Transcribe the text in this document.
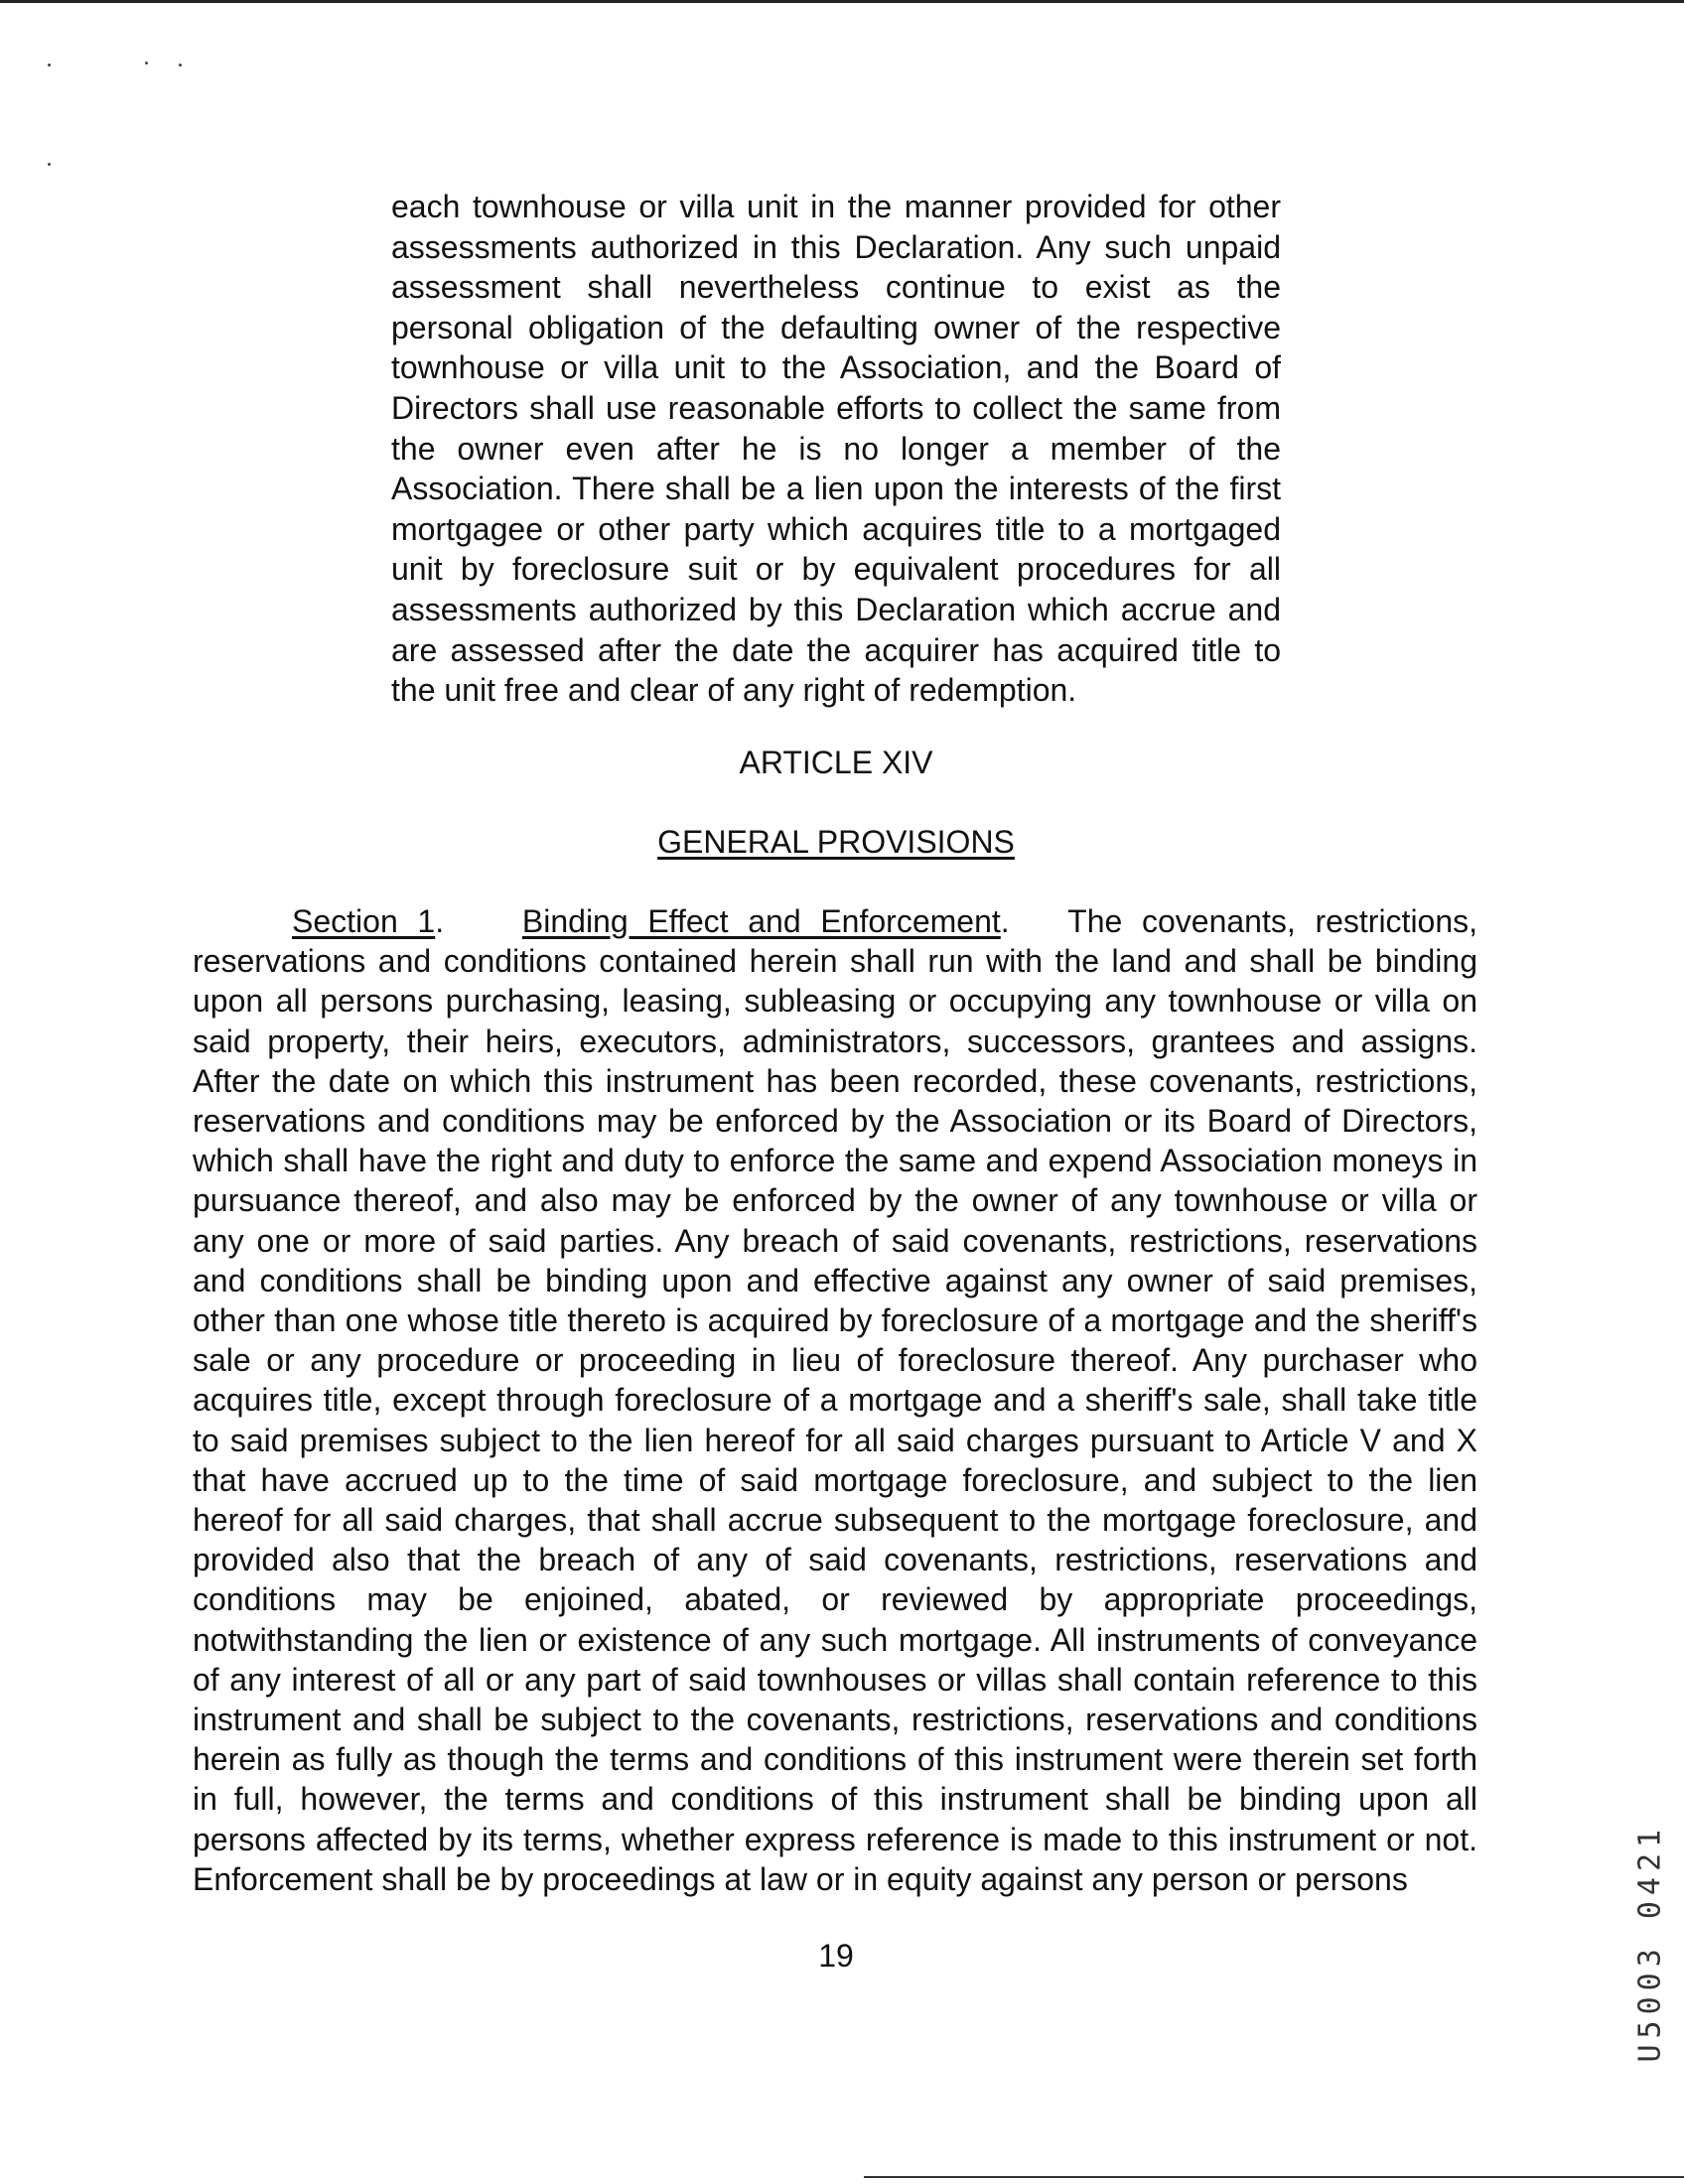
each townhouse or villa unit in the manner provided for other assessments authorized in this Declaration. Any such unpaid assessment shall nevertheless continue to exist as the personal obligation of the defaulting owner of the respective townhouse or villa unit to the Association, and the Board of Directors shall use reasonable efforts to collect the same from the owner even after he is no longer a member of the Association. There shall be a lien upon the interests of the first mortgagee or other party which acquires title to a mortgaged unit by foreclosure suit or by equivalent procedures for all assessments authorized by this Declaration which accrue and are assessed after the date the acquirer has acquired title to the unit free and clear of any right of redemption.

ARTICLE XIV

GENERAL PROVISIONS

Section 1.    Binding Effect and Enforcement.   The covenants, restrictions, reservations and conditions contained herein shall run with the land and shall be binding upon all persons purchasing, leasing, subleasing or occupying any townhouse or villa on said property, their heirs, executors, administrators, successors, grantees and assigns. After the date on which this instrument has been recorded, these covenants, restrictions, reservations and conditions may be enforced by the Association or its Board of Directors, which shall have the right and duty to enforce the same and expend Association moneys in pursuance thereof, and also may be enforced by the owner of any townhouse or villa or any one or more of said parties. Any breach of said covenants, restrictions, reservations and conditions shall be binding upon and effective against any owner of said premises, other than one whose title thereto is acquired by foreclosure of a mortgage and the sheriff's sale or any procedure or proceeding in lieu of foreclosure thereof. Any purchaser who acquires title, except through foreclosure of a mortgage and a sheriff's sale, shall take title to said premises subject to the lien hereof for all said charges pursuant to Article V and X that have accrued up to the time of said mortgage foreclosure, and subject to the lien hereof for all said charges, that shall accrue subsequent to the mortgage foreclosure, and provided also that the breach of any of said covenants, restrictions, reservations and conditions may be enjoined, abated, or reviewed by appropriate proceedings, notwithstanding the lien or existence of any such mortgage. All instruments of conveyance of any interest of all or any part of said townhouses or villas shall contain reference to this instrument and shall be subject to the covenants, restrictions, reservations and conditions herein as fully as though the terms and conditions of this instrument were therein set forth in full, however, the terms and conditions of this instrument shall be binding upon all persons affected by its terms, whether express reference is made to this instrument or not. Enforcement shall be by proceedings at law or in equity against any person or persons

19	U5003 0421
